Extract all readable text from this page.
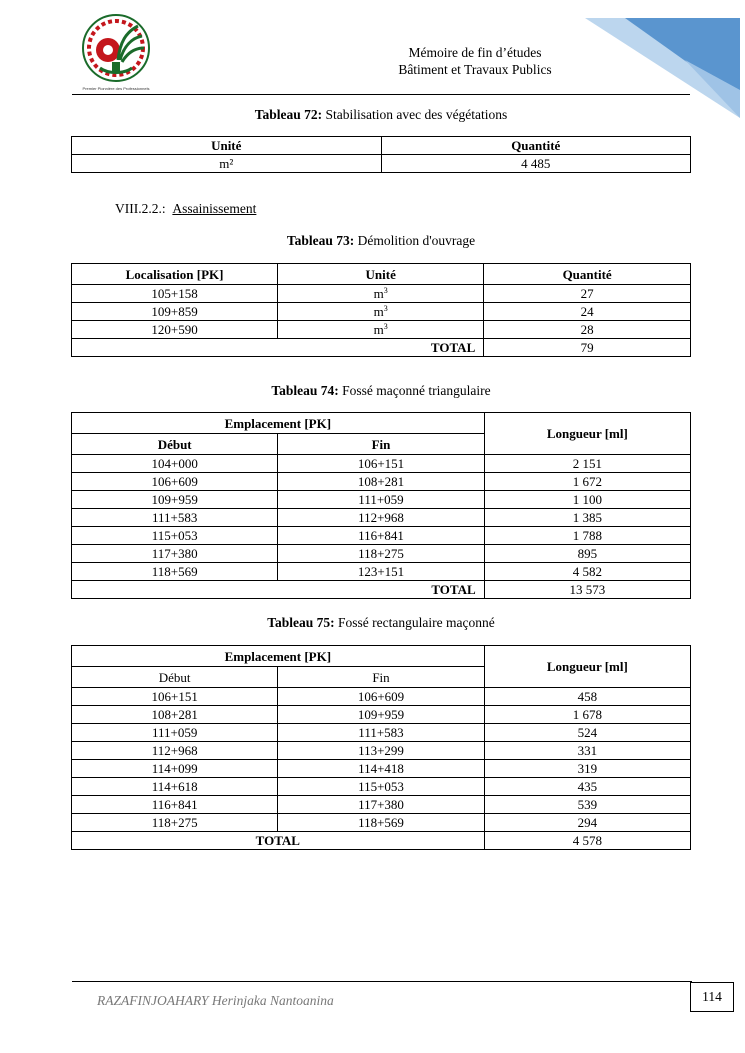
Premier Pionnière des Professionnels
Mémoire de fin d’études
Bâtiment et Travaux Publics
Tableau 72: Stabilisation avec des végétations
Unité	Quantité
m²	4 485
VIII.2.2.: Assainissement
Tableau 73: Démolition d'ouvrage
Localisation [PK]	Unité	Quantité
105+158	$m^3$	27
109+859	$m^3$	24
120+590	$m^3$	28
TOTAL		79
Tableau 74: Fossé maçonné triangulaire
Emplacement [PK]		Longueur [ml]
Début	Fin	
104+000	106+151	2 151
106+609	108+281	1 672
109+959	111+059	1 100
111+583	112+968	1 385
115+053	116+841	1 788
117+380	118+275	895
118+569	123+151	4 582
TOTAL		13 573
Tableau 75: Fossé rectangulaire maçonné
Emplacement [PK]		Longueur [ml]
Début	Fin	
106+151	106+609	458
108+281	109+959	1 678
111+059	111+583	524
112+968	113+299	331
114+099	114+418	319
114+618	115+053	435
116+841	117+380	539
118+275	118+569	294
TOTAL		4 578
RAZAFINJOAHARY Herinjaka Nantoanina	114
